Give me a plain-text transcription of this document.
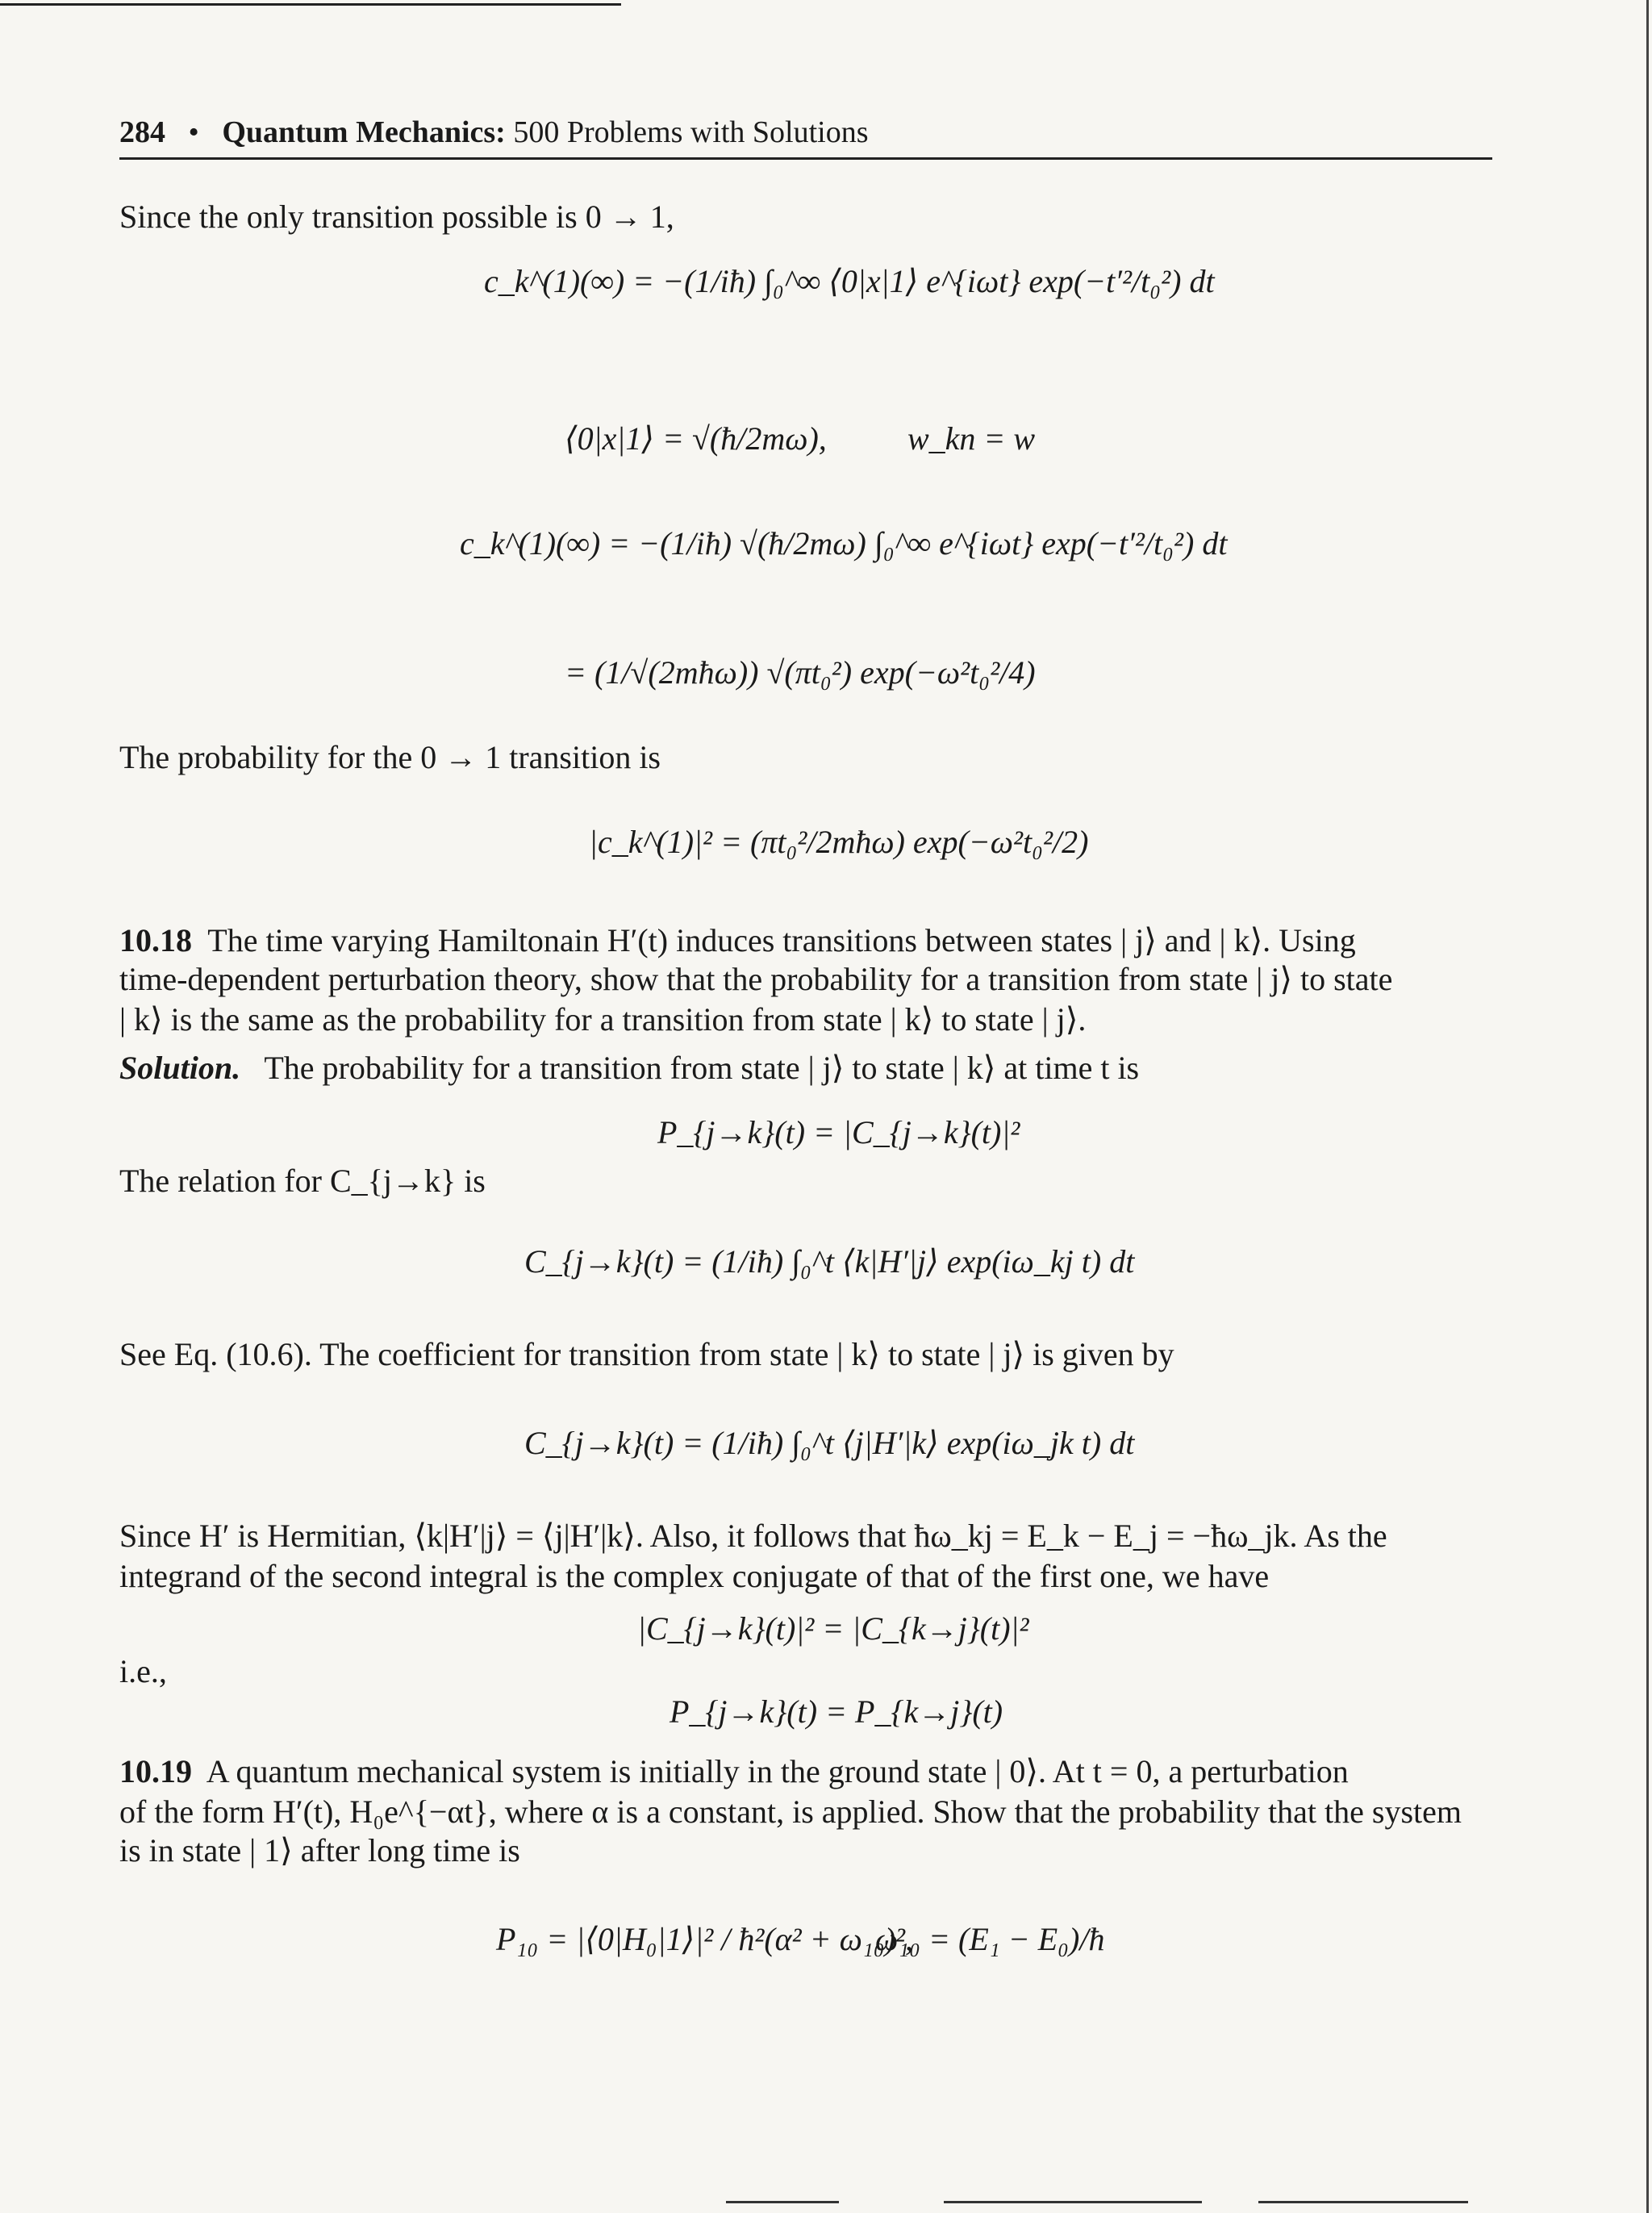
284 • Quantum Mechanics: 500 Problems with Solutions
Since the only transition possible is 0 → 1,
c_k^(1)(∞) = −(1/iħ) ∫₀^∞ ⟨0|x|1⟩ e^{iωt} exp(−t′²/t₀²) dt
⟨0|x|1⟩ = √(ħ/2mω),	w_kn = w
c_k^(1)(∞) = −(1/iħ) √(ħ/2mω) ∫₀^∞ e^{iωt} exp(−t′²/t₀²) dt
= (1/√(2mħω)) √(πt₀²) exp(−ω²t₀²/4)
The probability for the 0 → 1 transition is
|c_k^(1)|² = (πt₀²/2mħω) exp(−ω²t₀²/2)
10.18 The time varying Hamiltonain H′(t) induces transitions between states | j⟩ and | k⟩. Using
time-dependent perturbation theory, show that the probability for a transition from state | j⟩ to state
| k⟩ is the same as the probability for a transition from state | k⟩ to state | j⟩.
Solution. The probability for a transition from state | j⟩ to state | k⟩ at time t is
P_{j→k}(t) = |C_{j→k}(t)|²
The relation for C_{j→k} is
C_{j→k}(t) = (1/iħ) ∫₀^t ⟨k|H′|j⟩ exp(iω_kj t) dt
See Eq. (10.6). The coefficient for transition from state | k⟩ to state | j⟩ is given by
C_{j→k}(t) = (1/iħ) ∫₀^t ⟨j|H′|k⟩ exp(iω_jk t) dt
Since H′ is Hermitian, ⟨k|H′|j⟩ = ⟨j|H′|k⟩. Also, it follows that ħω_kj = E_k − E_j = −ħω_jk. As the
integrand of the second integral is the complex conjugate of that of the first one, we have
|C_{j→k}(t)|² = |C_{k→j}(t)|²
i.e.,
P_{j→k}(t) = P_{k→j}(t)
10.19 A quantum mechanical system is initially in the ground state | 0⟩. At t = 0, a perturbation
of the form H′(t), H₀e^{−αt}, where α is a constant, is applied. Show that the probability that the system
is in state | 1⟩ after long time is
P₁₀ = |⟨0|H₀|1⟩|² / ħ²(α² + ω₁₀)²,
ω₁₀ = (E₁ − E₀)/ħ
